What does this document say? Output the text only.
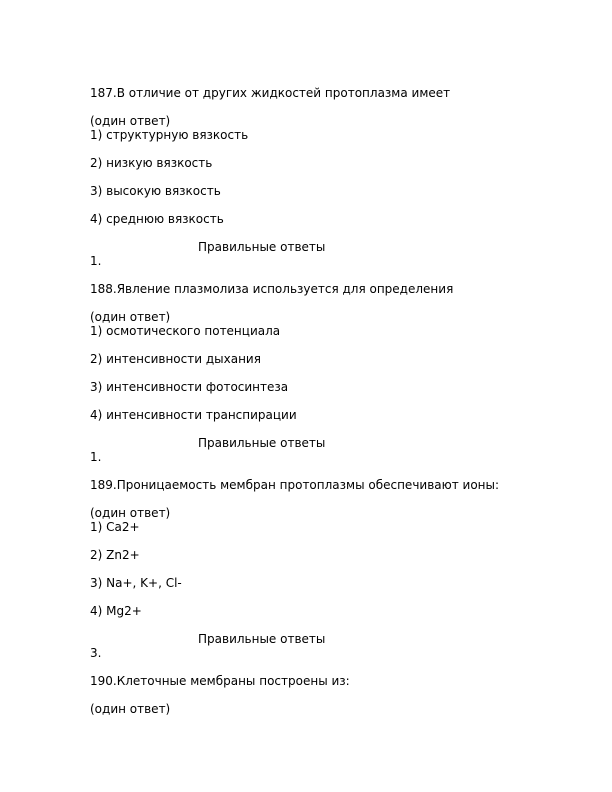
187.В отличие от других жидкостей протоплазма имеет
(один ответ)
1) структурную вязкость
2) низкую вязкость
3) высокую вязкость
4) среднюю вязкость
Правильные ответы
1.
188.Явление плазмолиза используется для определения
(один ответ)
1) осмотического потенциала
2) интенсивности дыхания
3) интенсивности фотосинтеза
4) интенсивности транспирации
Правильные ответы
1.
189.Проницаемость мембран протоплазмы обеспечивают ионы:
(один ответ)
1) Ca2+
2) Zn2+
3) Na+, K+, Cl-
4) Mg2+
Правильные ответы
3.
190.Клеточные мембраны построены из:
(один ответ)
